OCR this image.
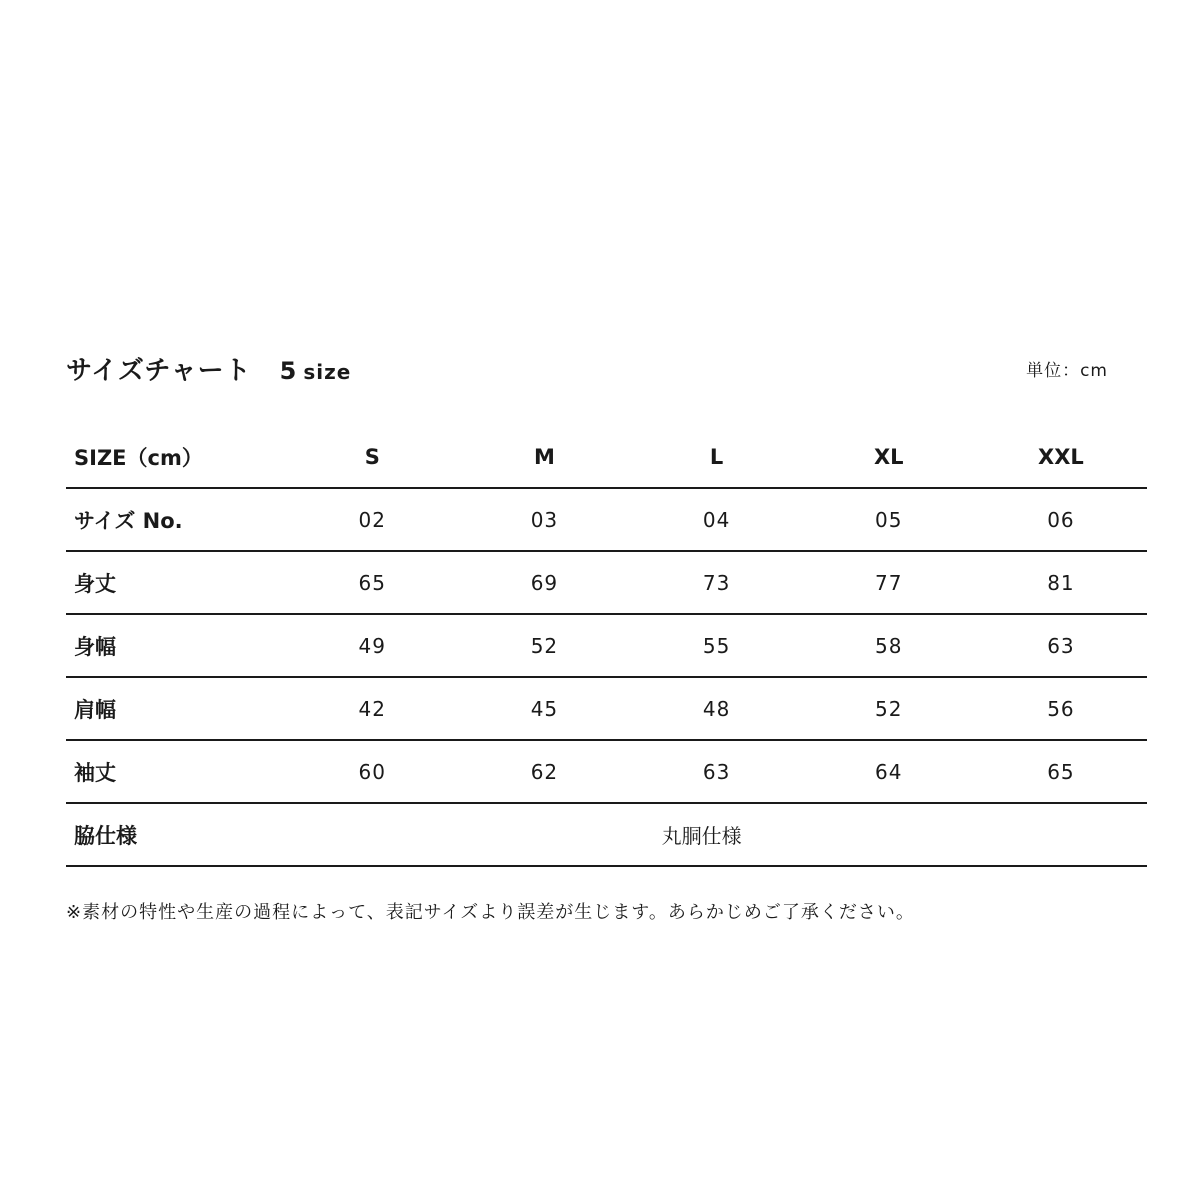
サイズチャート 5 size	単位：cm
SIZE（cm）	S	M	L	XL	XXL
サイズ No.	02	03	04	05	06
身丈	65	69	73	77	81
身幅	49	52	55	58	63
肩幅	42	45	48	52	56
袖丈	60	62	63	64	65
脇仕様	丸胴仕様				
※素材の特性や生産の過程によって、表記サイズより誤差が生じます。あらかじめご了承ください。
